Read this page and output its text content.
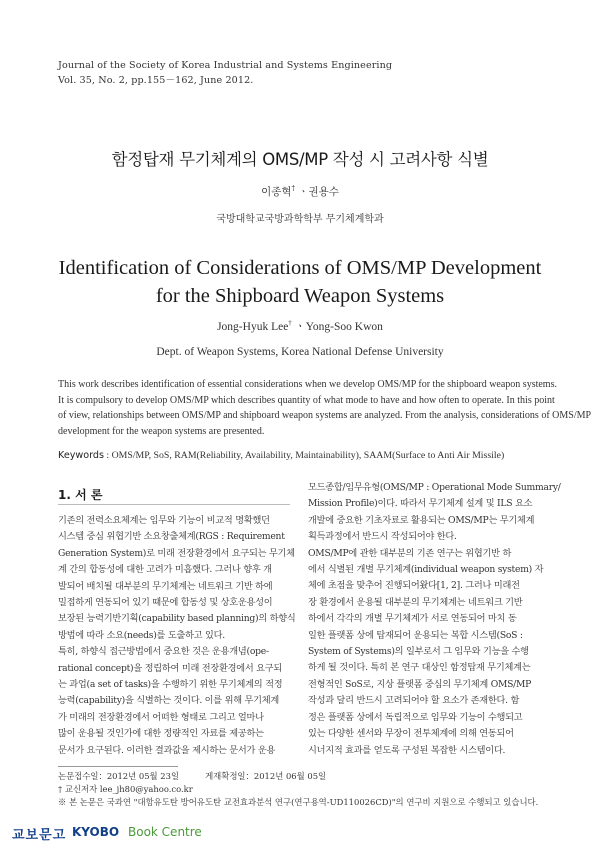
Journal of the Society of Korea Industrial and Systems Engineering
Vol. 35, No. 2, pp.155－162, June 2012.
함정탑재 무기체계의 OMS/MP 작성 시 고려사항 식별
이종혁† ㆍ권용수
국방대학교국방과학학부 무기체계학과
Identification of Considerations of OMS/MP Development
for the Shipboard Weapon Systems
Jong-Hyuk Lee† ㆍYong-Soo Kwon
Dept. of Weapon Systems, Korea National Defense University
This work describes identification of essential considerations when we develop OMS/MP for the shipboard weapon systems.
It is compulsory to develop OMS/MP which describes quantity of what mode to have and how often to operate. In this point
of view, relationships between OMS/MP and shipboard weapon systems are analyzed. From the analysis, considerations of OMS/MP
development for the weapon systems are presented.
Keywords : OMS/MP, SoS, RAM(Reliability, Availability, Maintainability), SAAM(Surface to Anti Air Missile)
1. 서 론
기존의 전력소요체계는 임무와 기능이 비교적 명확했던
시스템 중심 위협기반 소요창출체계(RGS : Requirement
Generation System)로 미래 전장환경에서 요구되는 무기체
계 간의 합동성에 대한 고려가 미흡했다. 그러나 향후 개
발되어 배치될 대부분의 무기체계는 네트워크 기반 하에
밀접하게 연동되어 있기 때문에 합동성 및 상호운용성이
보장된 능력기반기획(capability based planning)의 하향식
방법에 따라 소요(needs)를 도출하고 있다.
특히, 하향식 접근방법에서 중요한 것은 운용개념(ope-
rational concept)을 정립하여 미래 전장환경에서 요구되
는 과업(a set of tasks)을 수행하기 위한 무기체계의 적정
능력(capability)을 식별하는 것이다. 이를 위해 무기체계
가 미래의 전장환경에서 어떠한 형태로 그리고 얼마나
많이 운용될 것인가에 대한 정량적인 자료를 제공하는
문서가 요구된다. 이러한 결과값을 제시하는 문서가 운용
모드종합/임무유형(OMS/MP : Operational Mode Summary/
Mission Profile)이다. 따라서 무기체계 설계 및 ILS 요소
개발에 중요한 기초자료로 활용되는 OMS/MP는 무기체계
획득과정에서 반드시 작성되어야 한다.
OMS/MP에 관한 대부분의 기존 연구는 위협기반 하
에서 식별된 개별 무기체계(individual weapon system) 자
체에 초점을 맞추어 진행되어왔다[1, 2]. 그러나 미래전
장 환경에서 운용될 대부분의 무기체계는 네트워크 기반
하에서 각각의 개별 무기체계가 서로 연동되어 마치 동
일한 플랫폼 상에 탑재되어 운용되는 복합 시스템(SoS :
System of Systems)의 일부로서 그 임무와 기능을 수행
하게 될 것이다. 특히 본 연구 대상인 함정탑재 무기체계는
전형적인 SoS로, 지상 플랫폼 중심의 무기체계 OMS/MP
작성과 달리 반드시 고려되어야 할 요소가 존재한다. 함
정은 플랫폼 상에서 독립적으로 임무와 기능이 수행되고
있는 다양한 센서와 무장이 전투체계에 의해 연동되어
시너지적 효과를 얻도록 구성된 복잡한 시스템이다.
논문접수일：2012년 05월 23일	게재확정일：2012년 06월 05일
† 교신저자 lee_jh80@yahoo.co.kr
※ 본 논문은 국과연 "대함유도탄 방어유도탄 교전효과분석 연구(연구용역-UD110026CD)"의 연구비 지원으로 수행되고 있습니다.
교보문고 KYOBO Book Centre
